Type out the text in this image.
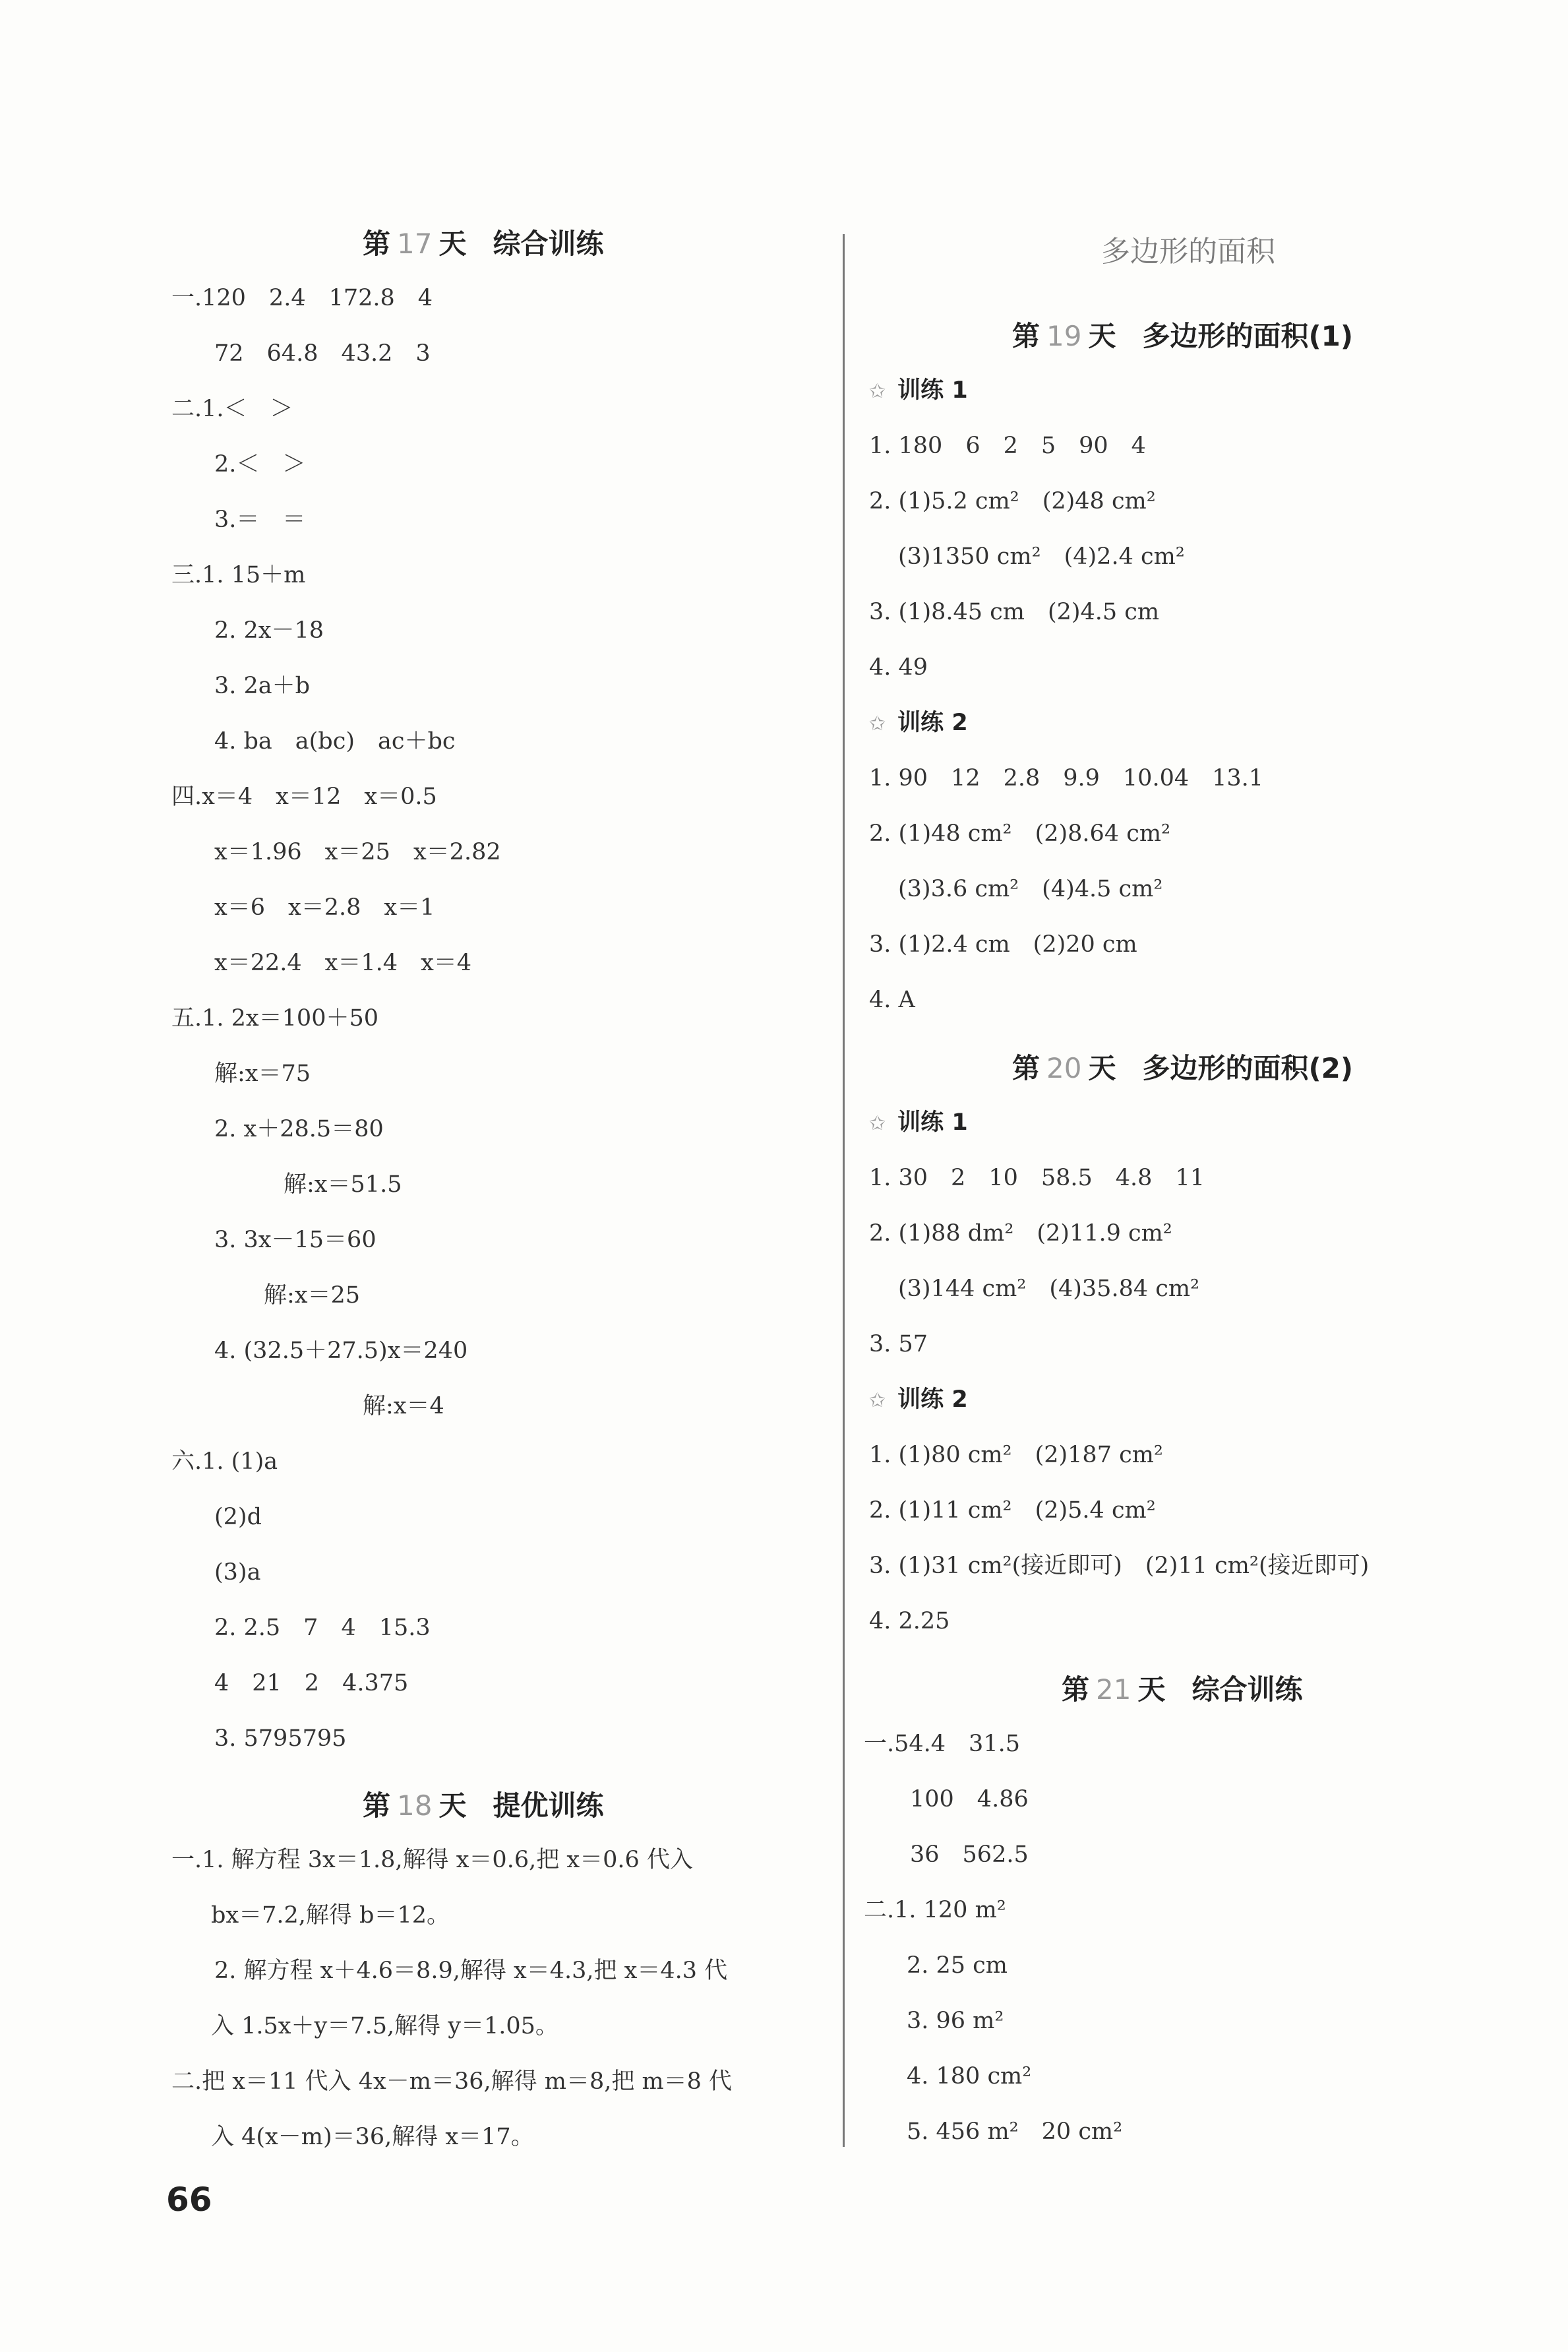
第 17 天 综合训练
一.120　2.4　172.8　4
72　64.8　43.2　3
二.1.＜　＞
2.＜　＞
3.＝　＝
三.1. 15＋m
2. 2x－18
3. 2a＋b
4. ba　a(bc)　ac＋bc
四.x＝4　x＝12　x＝0.5
x＝1.96　x＝25　x＝2.82
x＝6　x＝2.8　x＝1
x＝22.4　x＝1.4　x＝4
五.1. 2x＝100＋50
解:x＝75
2. x＋28.5＝80
解:x＝51.5
3. 3x－15＝60
解:x＝25
4. (32.5＋27.5)x＝240
解:x＝4
六.1. (1)a
(2)d
(3)a
2. 2.5　7　4　15.3
4　21　2　4.375
3. 5795795
第 18 天 提优训练
一.1. 解方程 3x＝1.8,解得 x＝0.6,把 x＝0.6 代入
bx＝7.2,解得 b＝12。
2. 解方程 x＋4.6＝8.9,解得 x＝4.3,把 x＝4.3 代
入 1.5x＋y＝7.5,解得 y＝1.05。
二.把 x＝11 代入 4x－m＝36,解得 m＝8,把 m＝8 代
入 4(x－m)＝36,解得 x＝17。
多边形的面积
第 19 天 多边形的面积(1)
✩ 训练 1
1. 180　6　2　5　90　4
2. (1)5.2 cm²　(2)48 cm²
(3)1350 cm²　(4)2.4 cm²
3. (1)8.45 cm　(2)4.5 cm
4. 49
✩ 训练 2
1. 90　12　2.8　9.9　10.04　13.1
2. (1)48 cm²　(2)8.64 cm²
(3)3.6 cm²　(4)4.5 cm²
3. (1)2.4 cm　(2)20 cm
4. A
第 20 天 多边形的面积(2)
✩ 训练 1
1. 30　2　10　58.5　4.8　11
2. (1)88 dm²　(2)11.9 cm²
(3)144 cm²　(4)35.84 cm²
3. 57
✩ 训练 2
1. (1)80 cm²　(2)187 cm²
2. (1)11 cm²　(2)5.4 cm²
3. (1)31 cm²(接近即可)　(2)11 cm²(接近即可)
4. 2.25
第 21 天 综合训练
一.54.4　31.5
100　4.86
36　562.5
二.1. 120 m²
2. 25 cm
3. 96 m²
4. 180 cm²
5. 456 m²　20 cm²
66
